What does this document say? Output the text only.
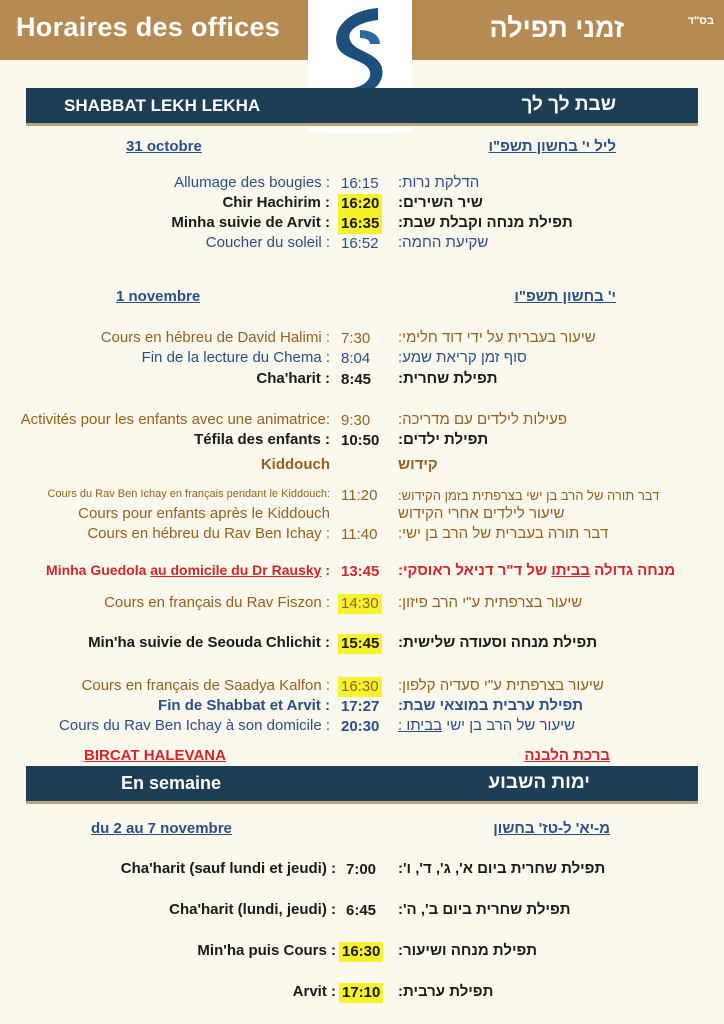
Horaires des offices	זמני תפילה	בס"ד
SHABBAT LEKH LEKHA	שבת לך לך
31 octobre	ליל י' בחשון תשפ"ו
Allumage des bougies : 16:15 הדלקת נרות:
Chir Hachirim : 16:20 שיר השירים:
Minha suivie de Arvit : 16:35 תפילת מנחה וקבלת שבת:
Coucher du soleil : 16:52 שקיעת החמה:
1 novembre	י' בחשון תשפ"ו
Cours en hébreu de David Halimi : 7:30 שיעור בעברית על ידי דוד חלימי:
Fin de la lecture du Chema : 8:04 סוף זמן קריאת שמע:
Cha'harit : 8:45 תפילת שחרית:
Activités pour les enfants avec une animatrice: 9:30 פעילות לילדים עם מדריכה:
Téfila des enfants : 10:50 תפילת ילדים:
Kiddouch	קידוש
Cours du Rav Ben Ichay en français pendant le Kiddouch: 11:20 דבר תורה של הרב בן ישי בצרפתית בזמן הקידוש:
Cours pour enfants après le Kiddouch	שיעור לילדים אחרי הקידוש
Cours en hébreu du Rav Ben Ichay : 11:40 דבר תורה בעברית של הרב בן ישי:
Minha Guedola au domicile du Dr Rausky : 13:45	מנחה גדולה בביתו של ד"ר דניאל ראוסקי:
Cours en français du Rav Fiszon : 14:30 שיעור בצרפתית ע"י הרב פיזון:
Min'ha suivie de Seouda Chlichit : 15:45 תפילת מנחה וסעודה שלישית:
Cours en français de Saadya Kalfon : 16:30 שיעור בצרפתית ע"י סעדיה קלפון:
Fin de Shabbat et Arvit : 17:27 תפילת ערבית במוצאי שבת:
Cours du Rav Ben Ichay à son domicile : 20:30	שיעור של הרב בן ישי בביתו :
BIRCAT HALEVANA	ברכת הלבנה
En semaine	ימות השבוע
du 2 au 7 novembre	מ-יא' ל-טז' בחשון
Cha'harit (sauf lundi et jeudi) : 7:00 תפילת שחרית ביום א', ג', ד', ו':
Cha'harit (lundi, jeudi) : 6:45 תפילת שחרית ביום ב', ה':
Min'ha puis Cours : 16:30 תפילת מנחה ושיעור:
Arvit : 17:10 תפילת ערבית:
